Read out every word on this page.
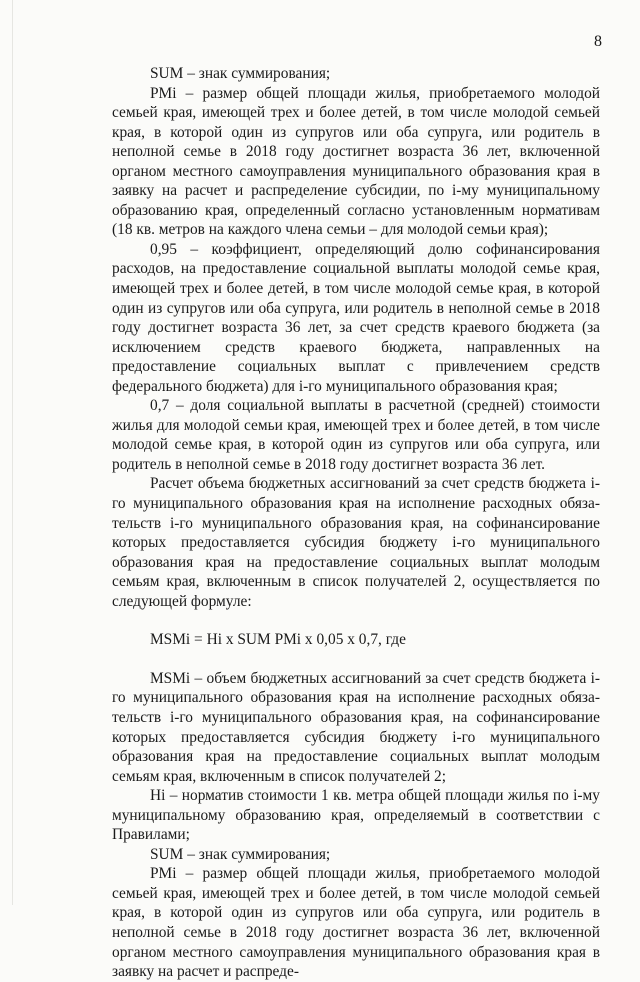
8

SUM – знак суммирования;

PMi – размер общей площади жилья, приобретаемого молодой семьей края, имеющей трех и более детей, в том числе молодой семьей края, в которой один из супругов или оба супруга, или родитель в неполной семье в 2018 году достигнет возраста 36 лет, включенной органом местного самоуправления муниципального образования края в заявку на расчет и распределение субсидии, по i-му муниципальному образованию края, определенный согласно установленным нормативам (18 кв. метров на каждого члена семьи – для молодой семьи края);

0,95 – коэффициент, определяющий долю софинансирования расходов, на предоставление социальной выплаты молодой семье края, имеющей трех и более детей, в том числе молодой семье края, в которой один из супругов или оба супруга, или родитель в неполной семье в 2018 году достигнет возраста 36 лет, за счет средств краевого бюджета (за исключением средств краевого бюджета, направленных на предоставление социальных выплат с привлечением средств федерального бюджета) для i-го муниципального образования края;

0,7 – доля социальной выплаты в расчетной (средней) стоимости жилья для молодой семьи края, имеющей трех и более детей, в том числе молодой семье края, в которой один из супругов или оба супруга, или родитель в неполной семье в 2018 году достигнет возраста 36 лет.

Расчет объема бюджетных ассигнований за счет средств бюджета i-го муниципального образования края на исполнение расходных обязательств i-го муниципального образования края, на софинансирование которых предоставляется субсидия бюджету i-го муниципального образования края на предоставление социальных выплат молодым семьям края, включенным в список получателей 2, осуществляется по следующей формуле:

MSMi = Hi x SUM PMi x 0,05 x 0,7, где

MSMi – объем бюджетных ассигнований за счет средств бюджета i-го муниципального образования края на исполнение расходных обязательств i-го муниципального образования края, на софинансирование которых предоставляется субсидия бюджету i-го муниципального образования края на предоставление социальных выплат молодым семьям края, включенным в список получателей 2;

Hi – норматив стоимости 1 кв. метра общей площади жилья по i-му муниципальному образованию края, определяемый в соответствии с Правилами;

SUM – знак суммирования;

PMi – размер общей площади жилья, приобретаемого молодой семьей края, имеющей трех и более детей, в том числе молодой семьей края, в которой один из супругов или оба супруга, или родитель в неполной семье в 2018 году достигнет возраста 36 лет, включенной органом местного самоуправления муниципального образования края в заявку на расчет и распреде-
